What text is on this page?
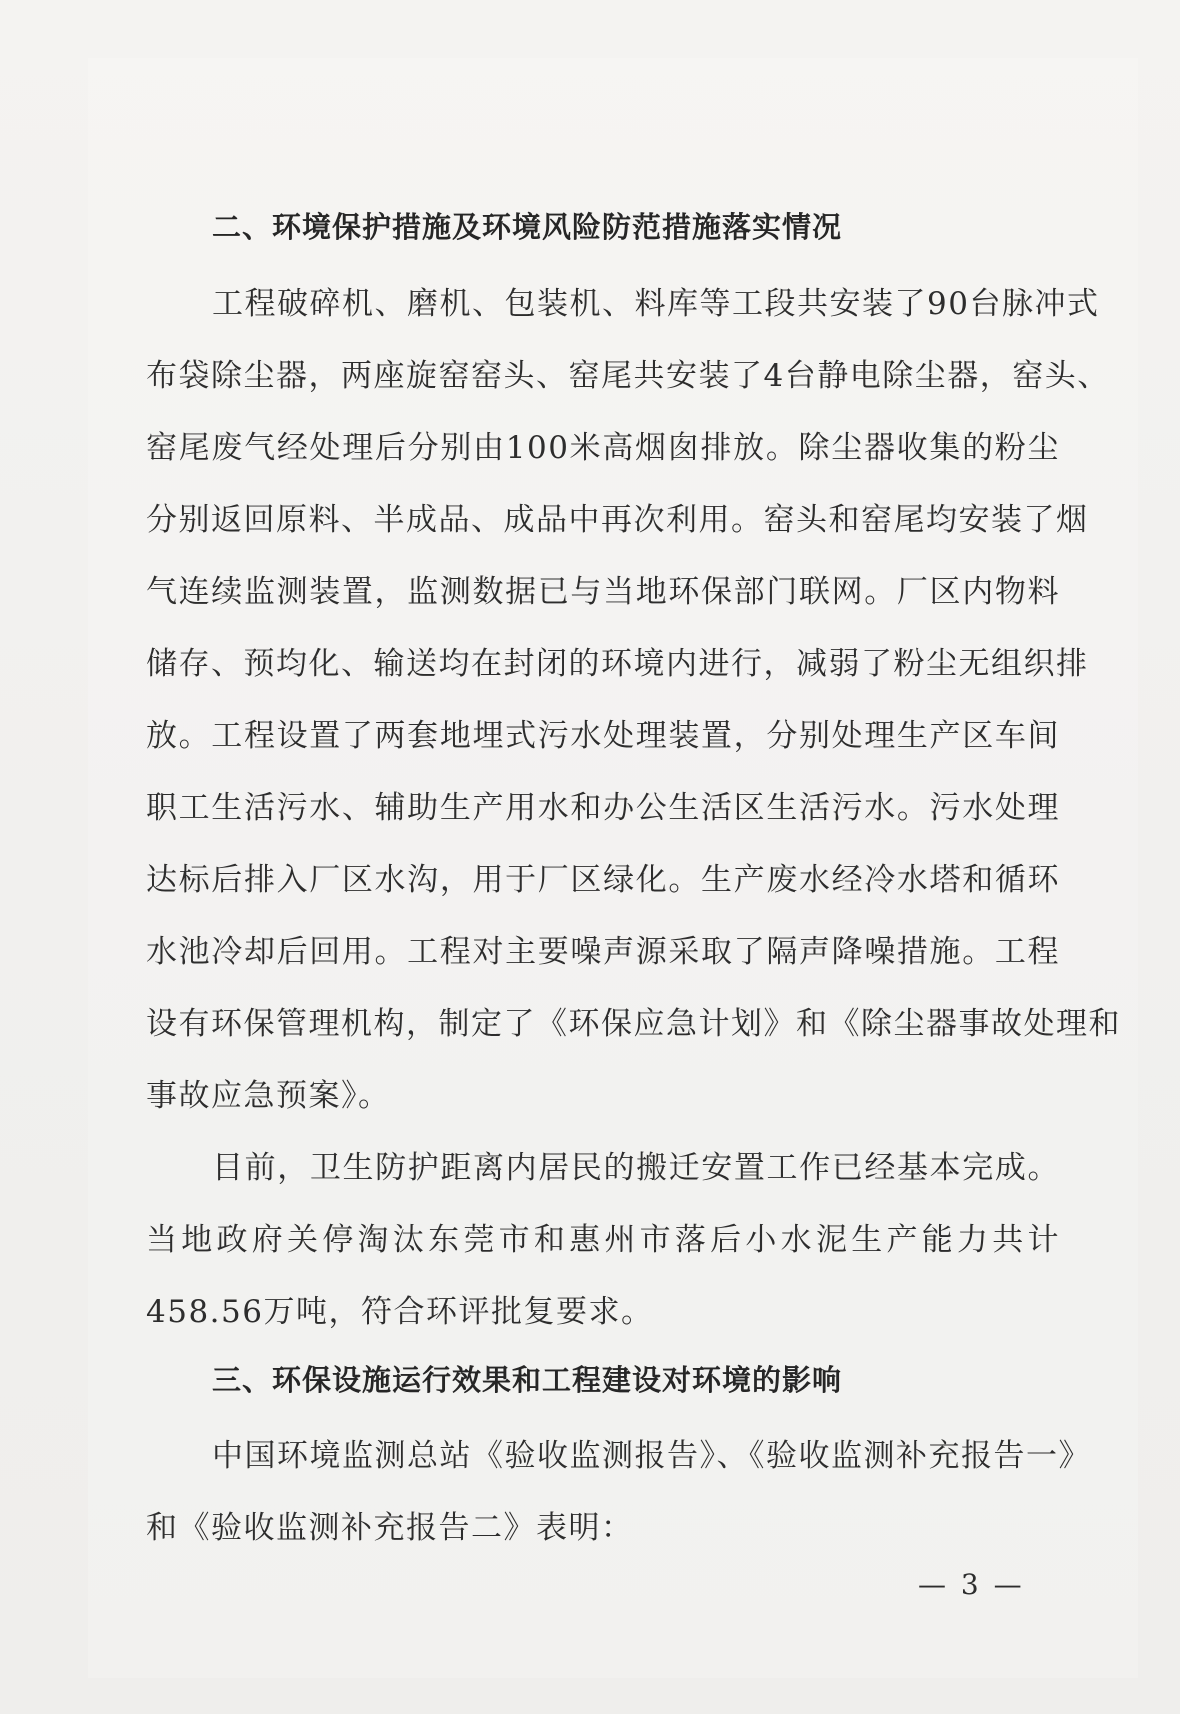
二、环境保护措施及环境风险防范措施落实情况
工程破碎机、磨机、包装机、料库等工段共安装了90台脉冲式
布袋除尘器，两座旋窑窑头、窑尾共安装了4台静电除尘器，窑头、
窑尾废气经处理后分别由100米高烟囱排放。除尘器收集的粉尘
分别返回原料、半成品、成品中再次利用。窑头和窑尾均安装了烟
气连续监测装置，监测数据已与当地环保部门联网。厂区内物料
储存、预均化、输送均在封闭的环境内进行，减弱了粉尘无组织排
放。工程设置了两套地埋式污水处理装置，分别处理生产区车间
职工生活污水、辅助生产用水和办公生活区生活污水。污水处理
达标后排入厂区水沟，用于厂区绿化。生产废水经冷水塔和循环
水池冷却后回用。工程对主要噪声源采取了隔声降噪措施。工程
设有环保管理机构，制定了《环保应急计划》和《除尘器事故处理和
事故应急预案》。
目前，卫生防护距离内居民的搬迁安置工作已经基本完成。
当地政府关停淘汰东莞市和惠州市落后小水泥生产能力共计
458.56万吨，符合环评批复要求。
三、环保设施运行效果和工程建设对环境的影响
中国环境监测总站《验收监测报告》、《验收监测补充报告一》
和《验收监测补充报告二》表明：
— 3 —
